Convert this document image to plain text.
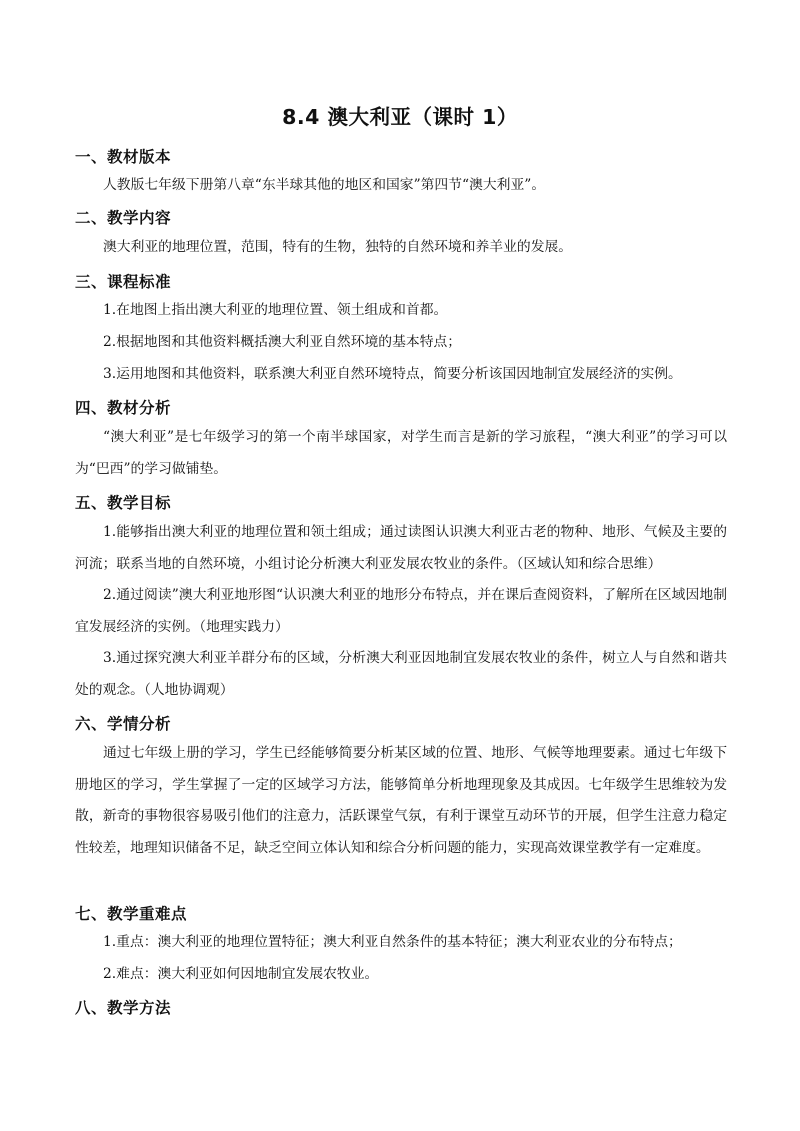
8.4 澳大利亚（课时 1）
一、教材版本

人教版七年级下册第八章“东半球其他的地区和国家”第四节“澳大利亚”。

二、教学内容

澳大利亚的地理位置，范围，特有的生物，独特的自然环境和养羊业的发展。

三、课程标准

1.在地图上指出澳大利亚的地理位置、领土组成和首都。

2.根据地图和其他资料概括澳大利亚自然环境的基本特点；

3.运用地图和其他资料，联系澳大利亚自然环境特点，简要分析该国因地制宜发展经济的实例。

四、教材分析

“澳大利亚”是七年级学习的第一个南半球国家，对学生而言是新的学习旅程，“澳大利亚”的学习可以为“巴西”的学习做铺垫。

五、教学目标

1.能够指出澳大利亚的地理位置和领土组成；通过读图认识澳大利亚古老的物种、地形、气候及主要的河流；联系当地的自然环境，小组讨论分析澳大利亚发展农牧业的条件。（区域认知和综合思维）

2.通过阅读”澳大利亚地形图“认识澳大利亚的地形分布特点，并在课后查阅资料，了解所在区域因地制宜发展经济的实例。（地理实践力）

3.通过探究澳大利亚羊群分布的区域，分析澳大利亚因地制宜发展农牧业的条件，树立人与自然和谐共处的观念。（人地协调观）

六、学情分析

通过七年级上册的学习，学生已经能够简要分析某区域的位置、地形、气候等地理要素。通过七年级下册地区的学习，学生掌握了一定的区域学习方法，能够简单分析地理现象及其成因。七年级学生思维较为发散，新奇的事物很容易吸引他们的注意力，活跃课堂气氛，有利于课堂互动环节的开展，但学生注意力稳定性较差，地理知识储备不足，缺乏空间立体认知和综合分析问题的能力，实现高效课堂教学有一定难度。

七、教学重难点

1.重点：澳大利亚的地理位置特征；澳大利亚自然条件的基本特征；澳大利亚农业的分布特点；

2.难点：澳大利亚如何因地制宜发展农牧业。

八、教学方法
